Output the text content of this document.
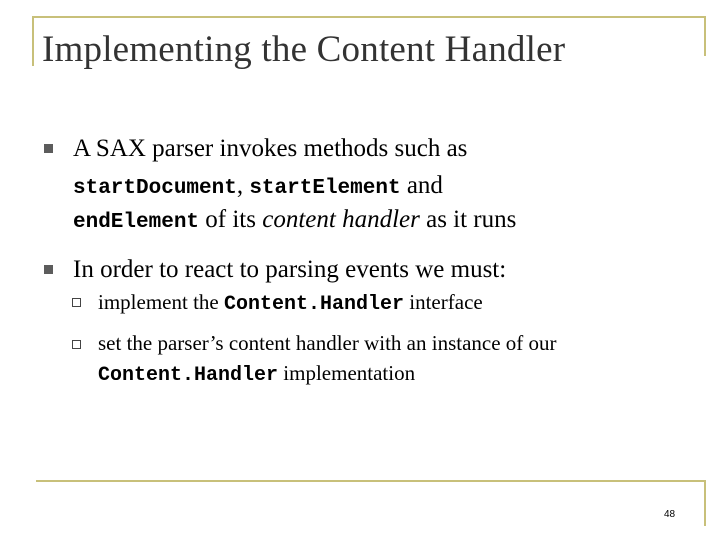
Implementing the Content Handler
A SAX parser invokes methods such as
startDocument, startElement and
endElement of its content handler as it runs
In order to react to parsing events we must:
implement the Content.Handler interface
set the parser’s content handler with an instance of our
Content.Handler implementation
48
